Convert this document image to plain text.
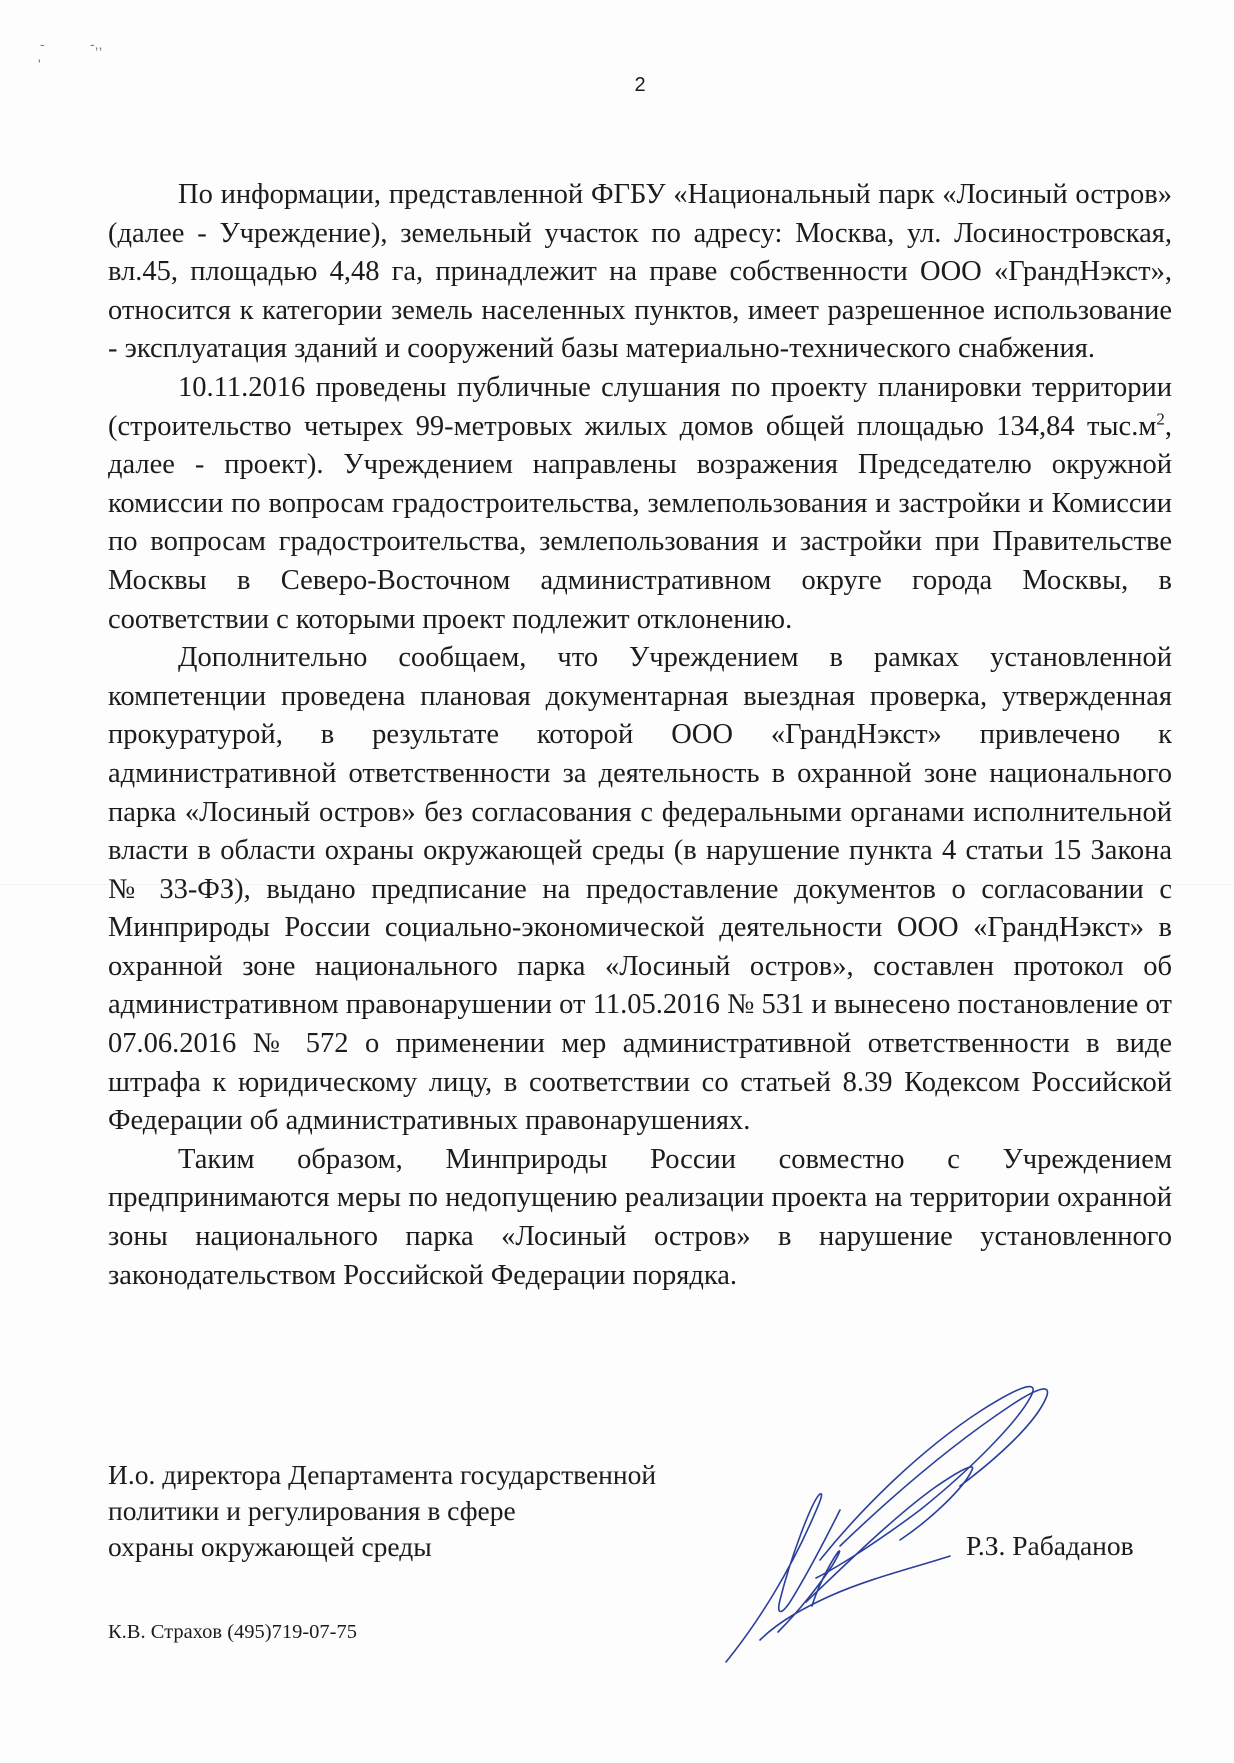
-	-,,
'
2

По информации, представленной ФГБУ «Национальный парк «Лосиный остров» (далее - Учреждение), земельный участок по адресу: Москва, ул. Лосиностровская, вл.45, площадью 4,48 га, принадлежит на праве собственности ООО «ГрандНэкст», относится к категории земель населенных пунктов, имеет разрешенное использование - эксплуатация зданий и сооружений базы материально-технического снабжения.

10.11.2016 проведены публичные слушания по проекту планировки территории (строительство четырех 99-метровых жилых домов общей площадью 134,84 $тыс.м^2$, далее - проект). Учреждением направлены возражения Председателю окружной комиссии по вопросам градостроительства, землепользования и застройки и Комиссии по вопросам градостроительства, землепользования и застройки при Правительстве Москвы в Северо-Восточном административном округе города Москвы, в соответствии с которыми проект подлежит отклонению.

Дополнительно сообщаем, что Учреждением в рамках установленной компетенции проведена плановая документарная выездная проверка, утвержденная прокуратурой, в результате которой ООО «ГрандНэкст» привлечено к административной ответственности за деятельность в охранной зоне национального парка «Лосиный остров» без согласования с федеральными органами исполнительной власти в области охраны окружающей среды (в нарушение пункта 4 статьи 15 Закона № 33-ФЗ), выдано предписание на предоставление документов о согласовании с Минприроды России социально-экономической деятельности ООО «ГрандНэкст» в охранной зоне национального парка «Лосиный остров», составлен протокол об административном правонарушении от 11.05.2016 № 531 и вынесено постановление от 07.06.2016 № 572 о применении мер административной ответственности в виде штрафа к юридическому лицу, в соответствии со статьей 8.39 Кодексом Российской Федерации об административных правонарушениях.

Таким образом, Минприроды России совместно с Учреждением предпринимаются меры по недопущению реализации проекта на территории охранной зоны национального парка «Лосиный остров» в нарушение установленного законодательством Российской Федерации порядка.

И.о. директора Департамента государственной
политики и регулирования в сфере
охраны окружающей среды	Р.З. Рабаданов
К.В. Страхов (495)719-07-75
